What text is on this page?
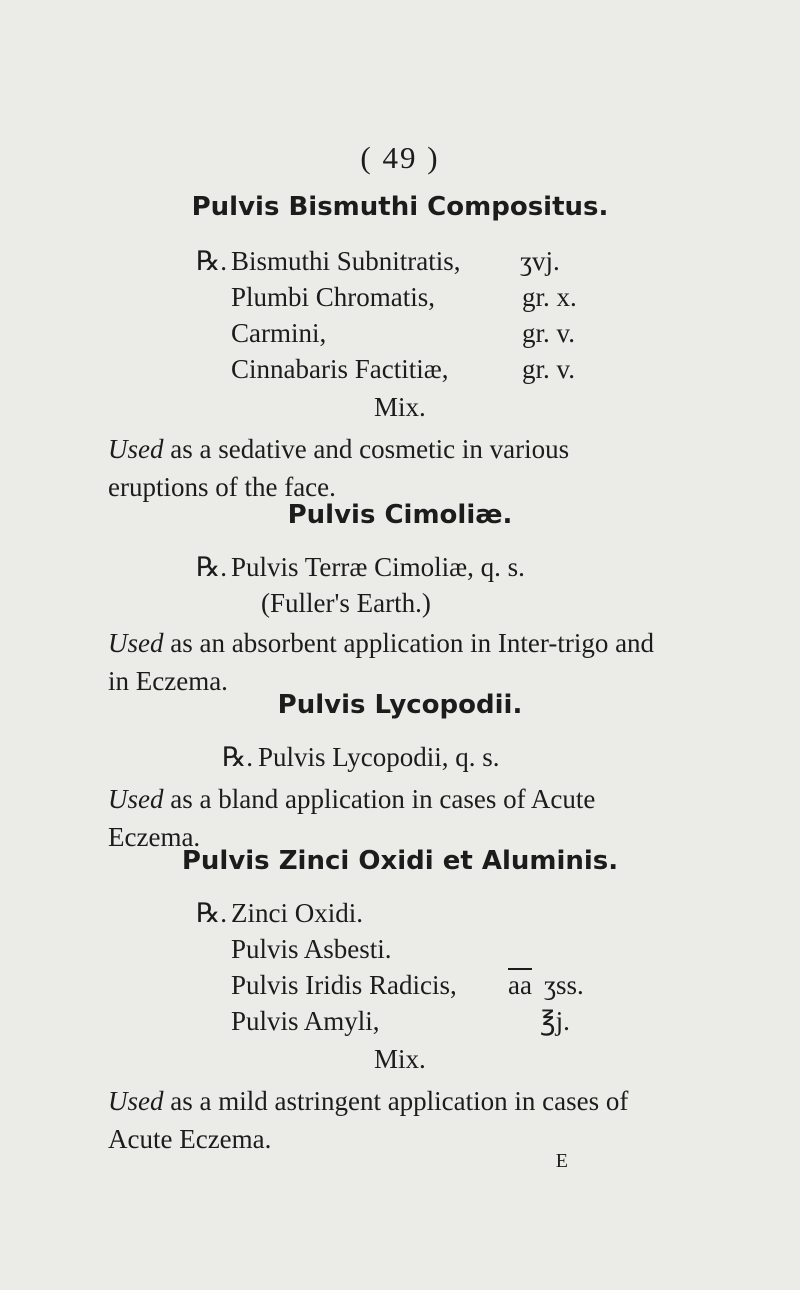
( 49 )
Pulvis Bismuthi Compositus.
℞. Bismuthi Subnitratis, ʒvj.
Plumbi Chromatis,	gr. x.
Carmini,	gr. v.
Cinnabaris Factitiæ,	gr. v.
Mix.
Used as a sedative and cosmetic in various eruptions of the face.
Pulvis Cimoliæ.
℞. Pulvis Terræ Cimoliæ, q. s.
(Fuller's Earth.)
Used as an absorbent application in Inter-trigo and in Eczema.
Pulvis Lycopodii.
℞. Pulvis Lycopodii, q. s.
Used as a bland application in cases of Acute Eczema.
Pulvis Zinci Oxidi et Aluminis.
℞. Zinci Oxidi.
Pulvis Asbesti.
Pulvis Iridis Radicis, $\overline{aa}$ ʒss.
Pulvis Amyli,	℥j.
Mix.
Used as a mild astringent application in cases of Acute Eczema.
E
